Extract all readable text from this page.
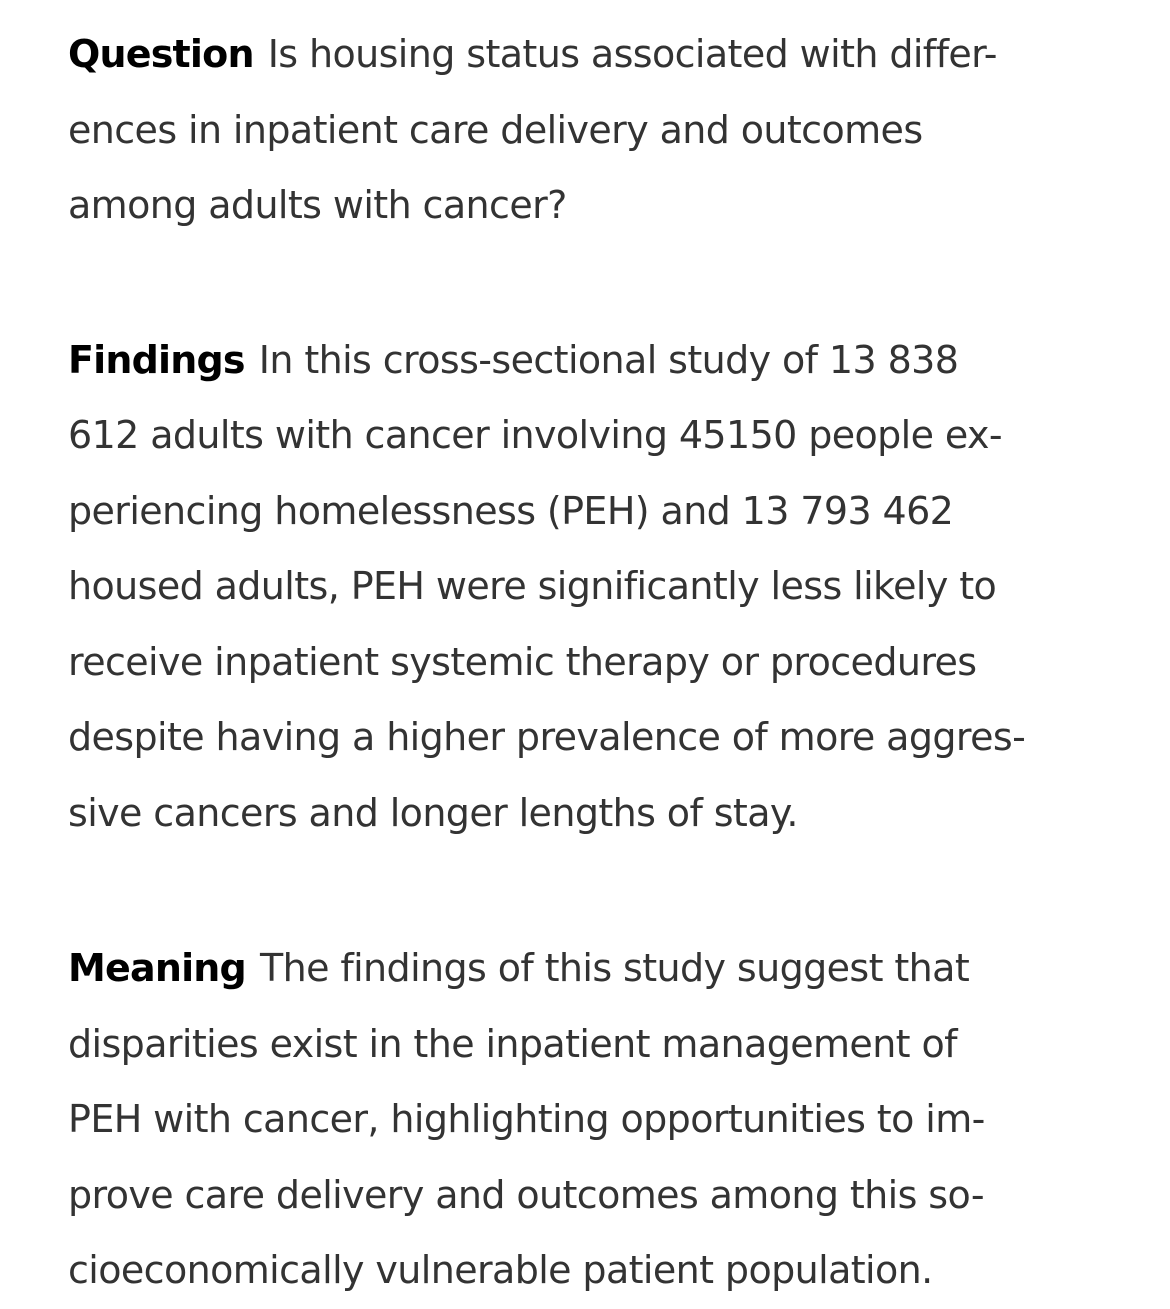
Question Is housing status associated with differ-
ences in inpatient care delivery and outcomes
among adults with cancer?
Findings In this cross-sectional study of 13 838
612 adults with cancer involving 45150 people ex-
periencing homelessness (PEH) and 13 793 462
housed adults, PEH were significantly less likely to
receive inpatient systemic therapy or procedures
despite having a higher prevalence of more aggres-
sive cancers and longer lengths of stay.
Meaning The findings of this study suggest that
disparities exist in the inpatient management of
PEH with cancer, highlighting opportunities to im-
prove care delivery and outcomes among this so-
cioeconomically vulnerable patient population.
